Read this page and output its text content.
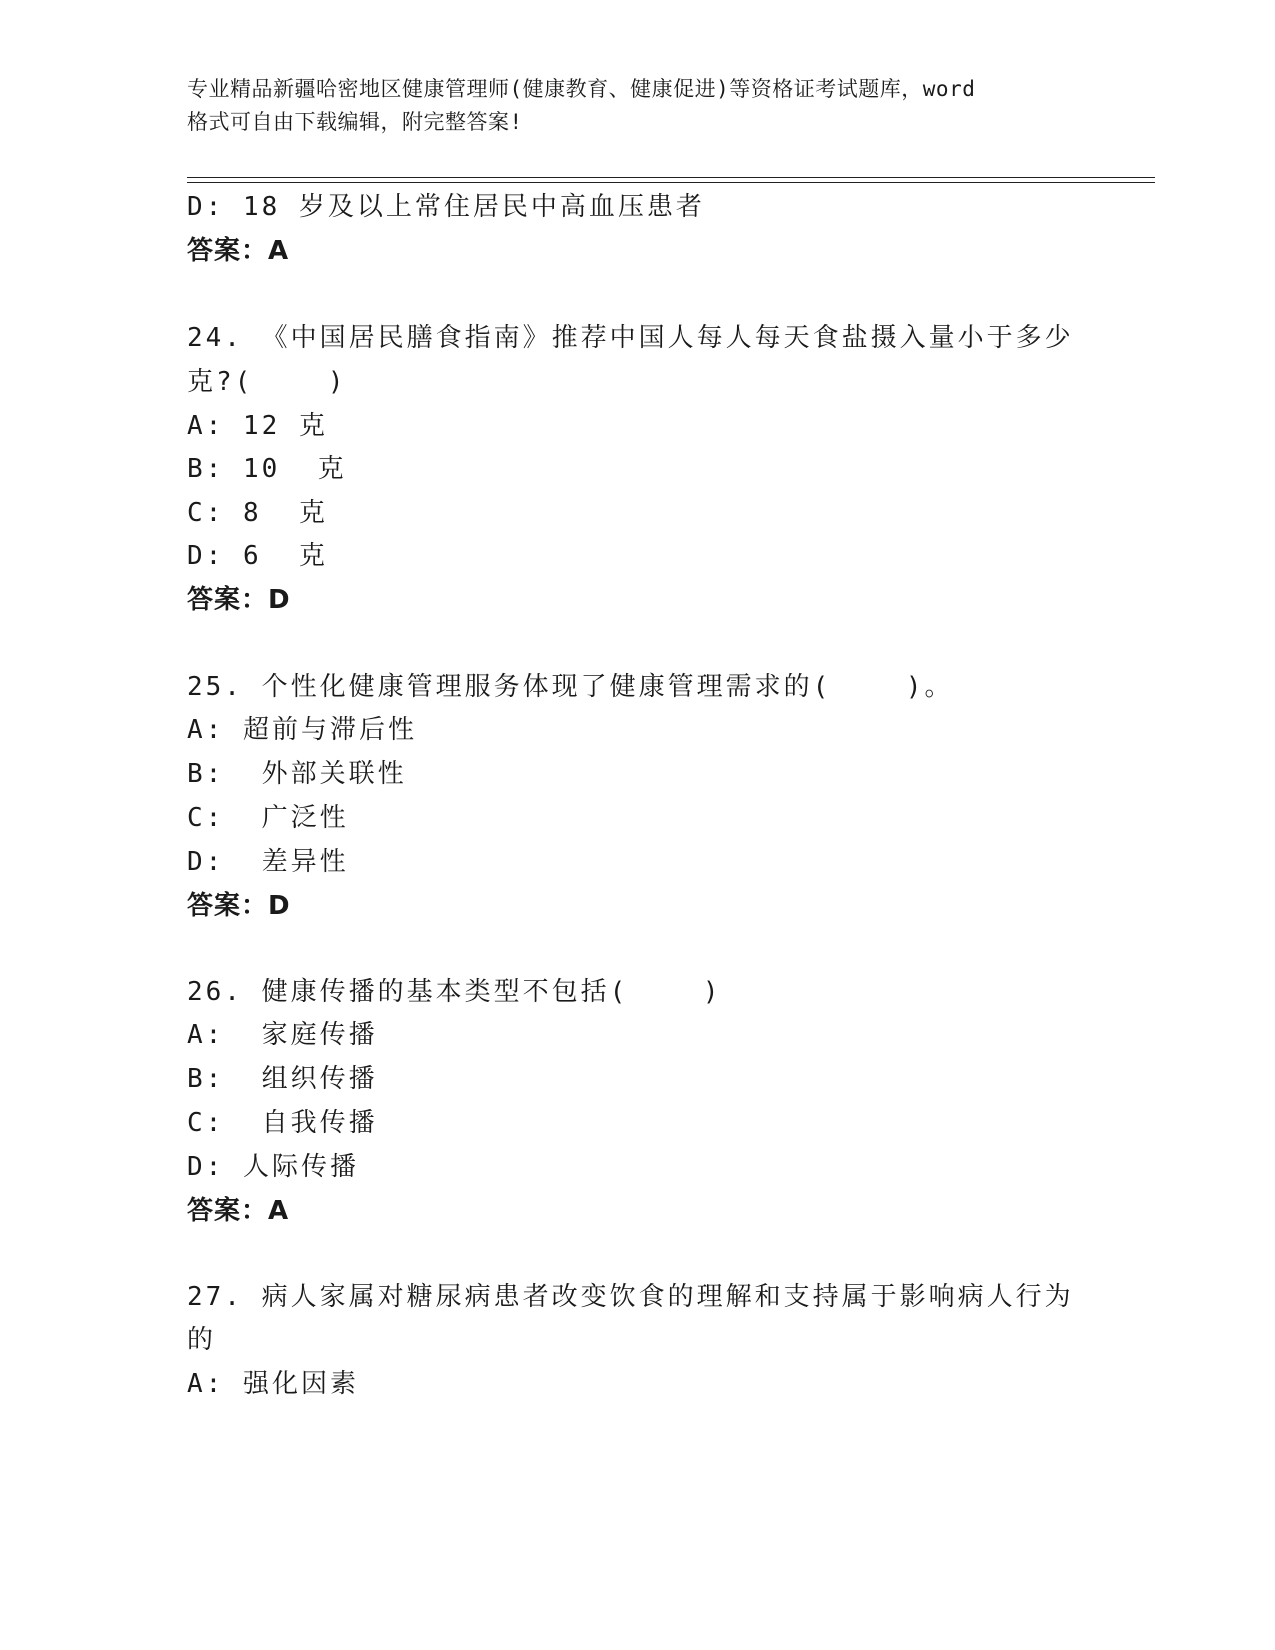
专业精品新疆哈密地区健康管理师(健康教育、健康促进)等资格证考试题库，word
格式可自由下载编辑，附完整答案!
D: 18 岁及以上常住居民中高血压患者
答案：A
24. 《中国居民膳食指南》推荐中国人每人每天食盐摄入量小于多少
克?(    )
A: 12 克
B: 10  克
C: 8  克
D: 6  克
答案：D
25. 个性化健康管理服务体现了健康管理需求的(    )。
A: 超前与滞后性
B:  外部关联性
C:  广泛性
D:  差异性
答案：D
26. 健康传播的基本类型不包括(    )
A:  家庭传播
B:  组织传播
C:  自我传播
D: 人际传播
答案：A
27. 病人家属对糖尿病患者改变饮食的理解和支持属于影响病人行为
的
A: 强化因素
